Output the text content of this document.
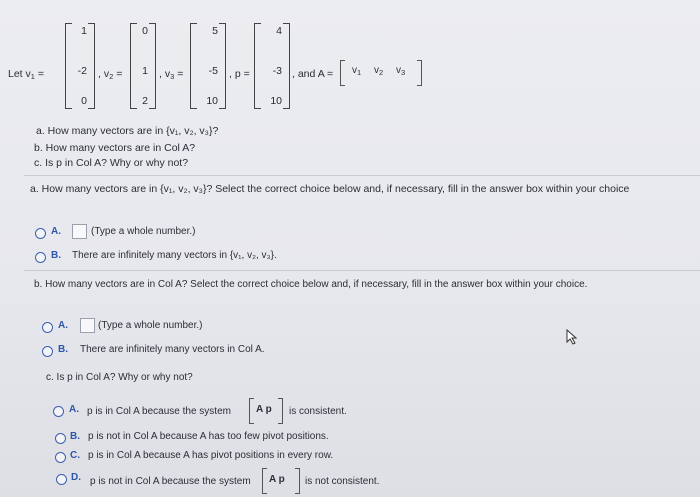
Let $v_1$ =
1
-2
0
, $v_2$ =
0
1
2
, $v_3$ =
5
-5
10
, p =
4
-3
10
, and $A = v_1$ $v_2$ $v_3$
a. How many vectors are in {v₁, v₂, v₃}?
b. How many vectors are in Col A?
c. Is p in Col A? Why or why not?
a. How many vectors are in {v₁, v₂, v₃}? Select the correct choice below and, if necessary, fill in the answer box within your choice
A.	(Type a whole number.)
B. There are infinitely many vectors in {v₁, v₂, v₃}.
b. How many vectors are in Col A? Select the correct choice below and, if necessary, fill in the answer box within your choice.
A.	(Type a whole number.)
B. There are infinitely many vectors in Col A.
c. Is p in Col A? Why or why not?
A. p is in Col A because the system	A p is consistent.
B. p is not in Col A because A has too few pivot positions.
C. p is in Col A because A has pivot positions in every row.
D. p is not in Col A because the system A p is not consistent.
